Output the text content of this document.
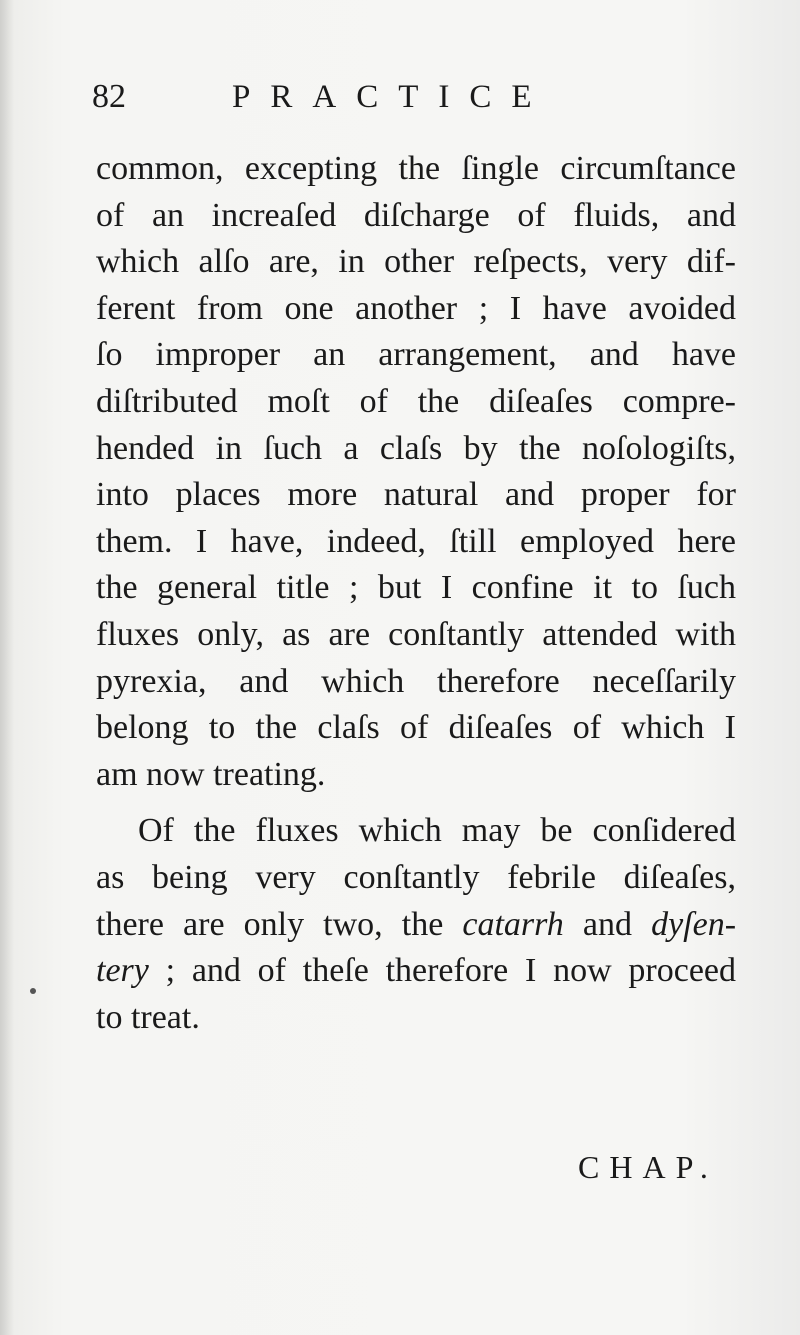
82	PRACTICE
common, excepting the ſingle circumſtance
of an increaſed diſcharge of fluids, and
which alſo are, in other reſpects, very dif-
ferent from one another ; I have avoided
ſo improper an arrangement, and have
diſtributed moſt of the diſeaſes compre-
hended in ſuch a claſs by the noſologiſts,
into places more natural and proper for
them. I have, indeed, ſtill employed here
the general title ; but I confine it to ſuch
fluxes only, as are conſtantly attended with
pyrexia, and which therefore neceſſarily
belong to the claſs of diſeaſes of which I
am now treating.
Of the fluxes which may be conſidered
as being very conſtantly febrile diſeaſes,
there are only two, the catarrh and dyſen-
tery ; and of theſe therefore I now proceed
to treat.
CHAP.
